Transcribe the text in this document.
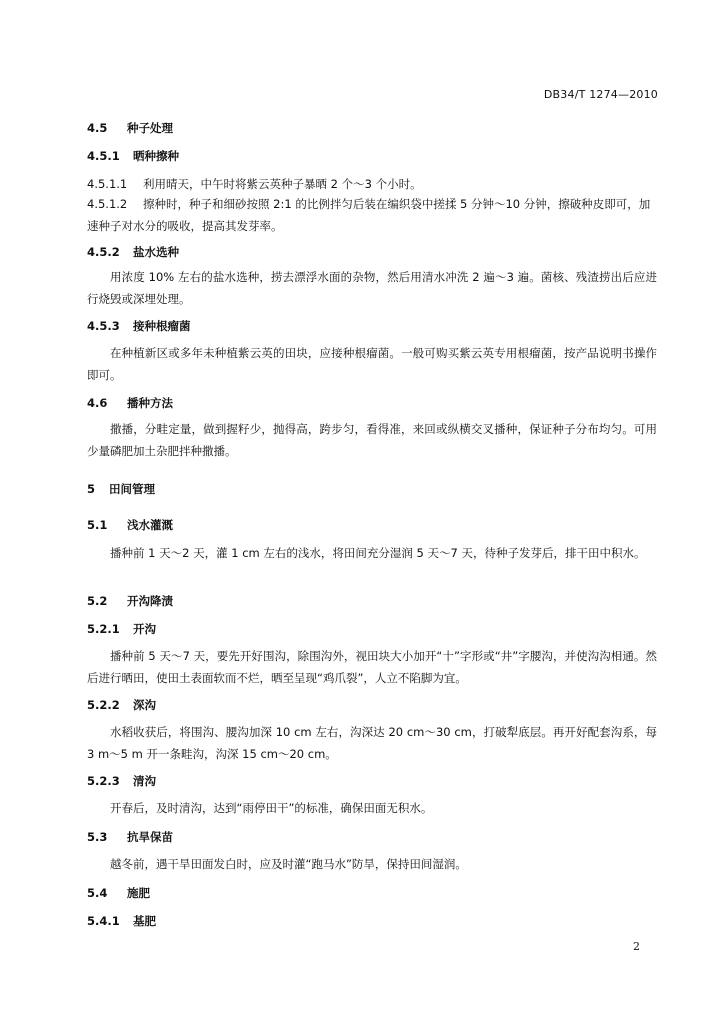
DB34/T 1274—2010
4.5 种子处理
4.5.1 晒种擦种
4.5.1.1 利用晴天，中午时将紫云英种子暴晒 2 个～3 个小时。
4.5.1.2 擦种时，种子和细砂按照 2:1 的比例拌匀后装在编织袋中搓揉 5 分钟～10 分钟，擦破种皮即可，加速种子对水分的吸收，提高其发芽率。
4.5.2 盐水选种
用浓度 10% 左右的盐水选种，捞去漂浮水面的杂物，然后用清水冲洗 2 遍～3 遍。菌核、残渣捞出后应进行烧毁或深埋处理。
4.5.3 接种根瘤菌
在种植新区或多年未种植紫云英的田块，应接种根瘤菌。一般可购买紫云英专用根瘤菌，按产品说明书操作即可。
4.6 播种方法
撒播，分畦定量，做到握籽少，抛得高，跨步匀，看得准，来回或纵横交叉播种，保证种子分布均匀。可用少量磷肥加土杂肥拌种撒播。
5 田间管理
5.1 浅水灌溉
播种前 1 天～2 天，灌 1 cm 左右的浅水，将田间充分湿润 5 天～7 天，待种子发芽后，排干田中积水。
5.2 开沟降渍
5.2.1 开沟
播种前 5 天～7 天，要先开好围沟，除围沟外，视田块大小加开“十”字形或“井”字腰沟，并使沟沟相通。然后进行晒田，使田土表面软而不烂，晒至呈现“鸡爪裂”，人立不陷脚为宜。
5.2.2 深沟
水稻收获后，将围沟、腰沟加深 10 cm 左右，沟深达 20 cm～30 cm，打破犁底层。再开好配套沟系，每 3 m～5 m 开一条畦沟，沟深 15 cm～20 cm。
5.2.3 清沟
开春后，及时清沟，达到“雨停田干”的标准，确保田面无积水。
5.3 抗旱保苗
越冬前，遇干旱田面发白时，应及时灌“跑马水”防旱，保持田间湿润。
5.4 施肥
5.4.1 基肥
2
